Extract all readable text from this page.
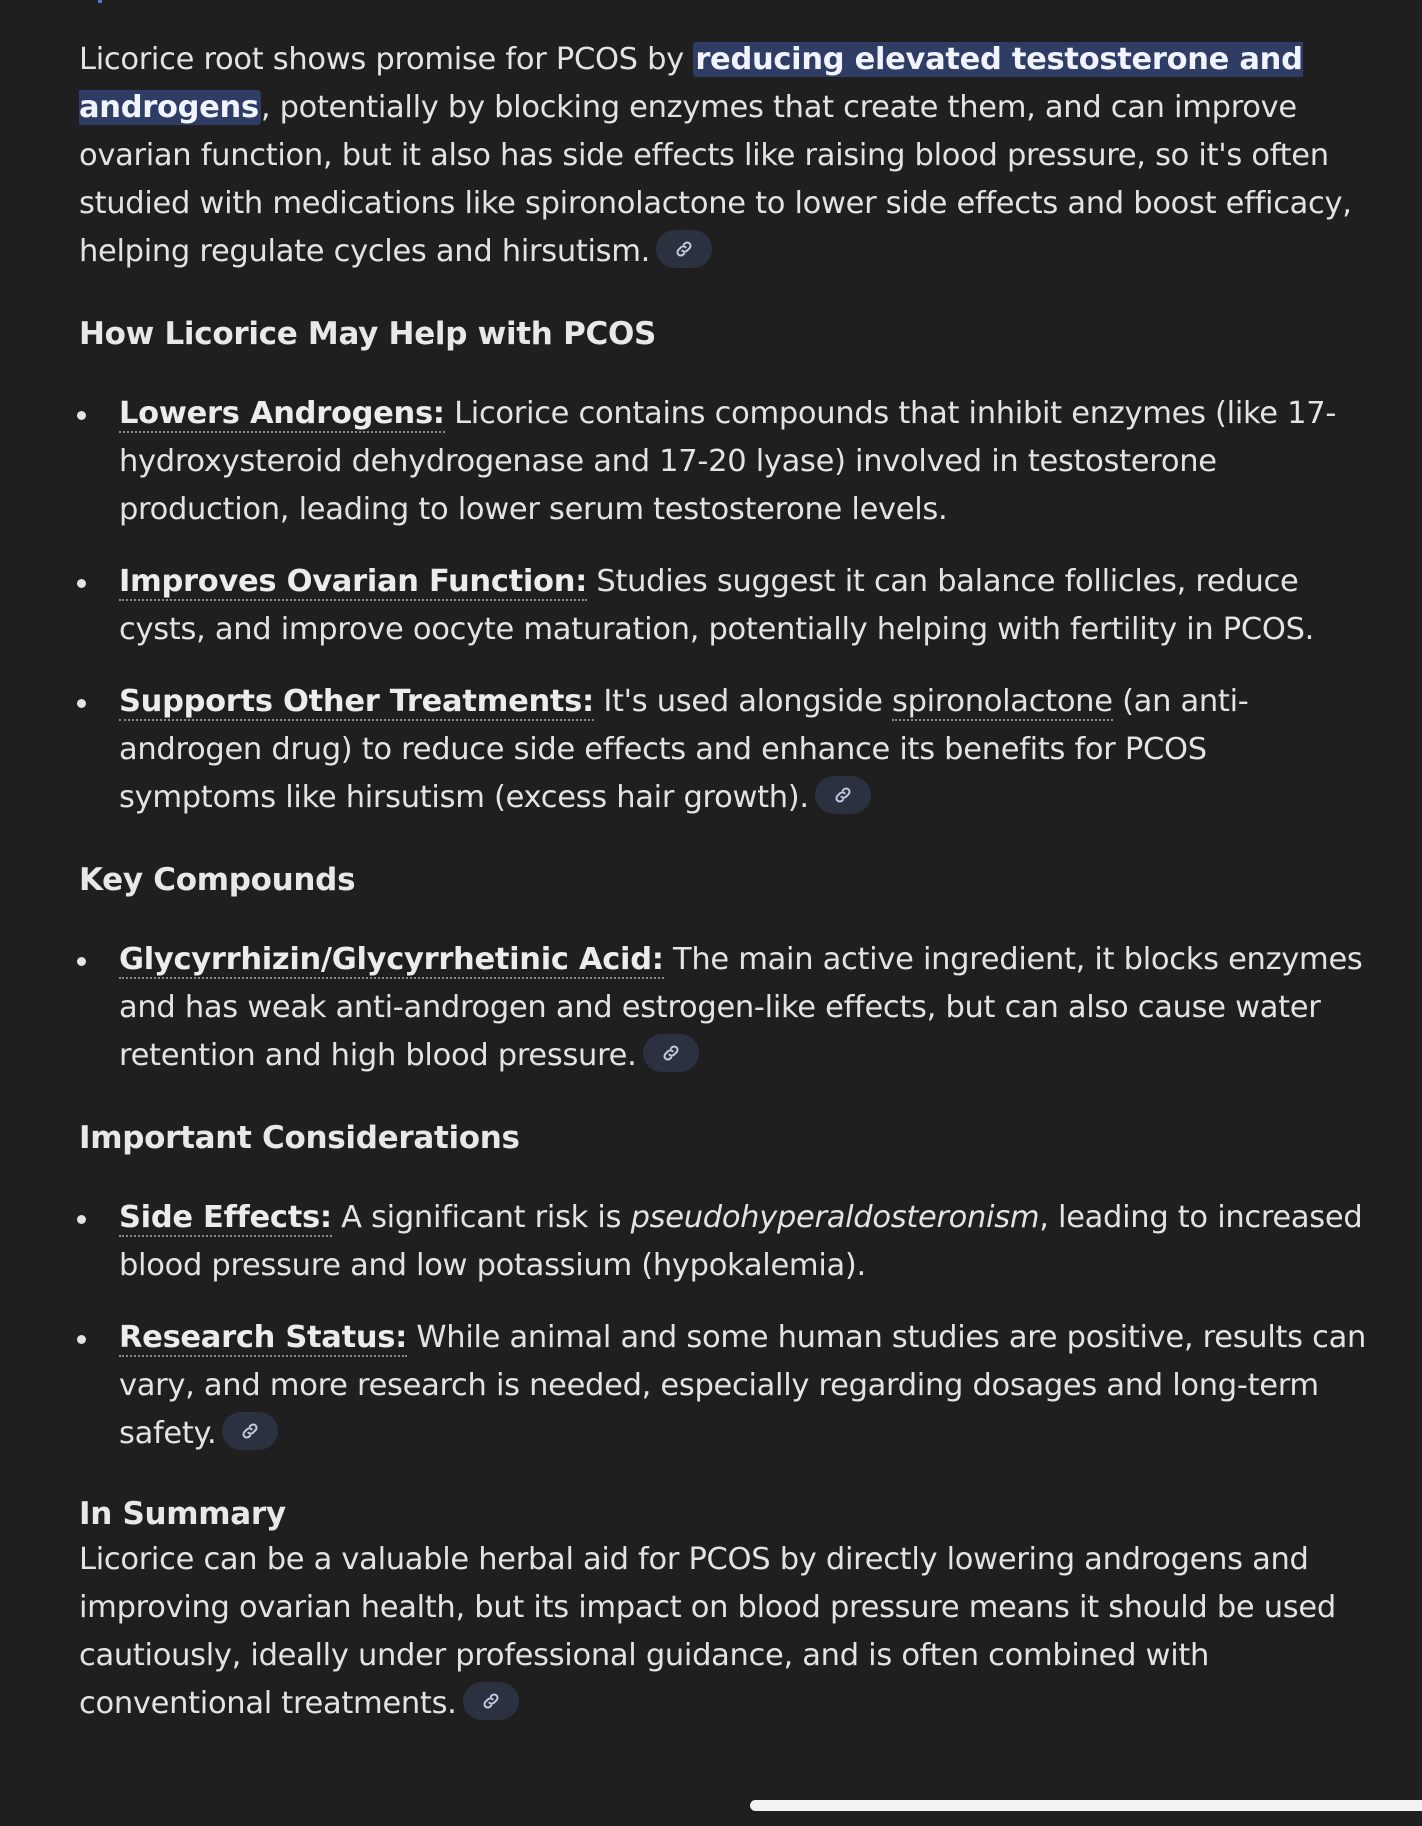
Licorice root shows promise for PCOS by reducing elevated testosterone and androgens, potentially by blocking enzymes that create them, and can improve ovarian function, but it also has side effects like raising blood pressure, so it's often studied with medications like spironolactone to lower side effects and boost efficacy, helping regulate cycles and hirsutism.

How Licorice May Help with PCOS
Lowers Androgens: Licorice contains compounds that inhibit enzymes (like 17-hydroxysteroid dehydrogenase and 17-20 lyase) involved in testosterone production, leading to lower serum testosterone levels.
Improves Ovarian Function: Studies suggest it can balance follicles, reduce cysts, and improve oocyte maturation, potentially helping with fertility in PCOS.
Supports Other Treatments: It's used alongside spironolactone (an anti-androgen drug) to reduce side effects and enhance its benefits for PCOS symptoms like hirsutism (excess hair growth).
Key Compounds
Glycyrrhizin/Glycyrrhetinic Acid: The main active ingredient, it blocks enzymes and has weak anti-androgen and estrogen-like effects, but can also cause water retention and high blood pressure.
Important Considerations
Side Effects: A significant risk is pseudohyperaldosteronism, leading to increased blood pressure and low potassium (hypokalemia).
Research Status: While animal and some human studies are positive, results can vary, and more research is needed, especially regarding dosages and long-term safety.
In Summary

Licorice can be a valuable herbal aid for PCOS by directly lowering androgens and improving ovarian health, but its impact on blood pressure means it should be used cautiously, ideally under professional guidance, and is often combined with conventional treatments.
